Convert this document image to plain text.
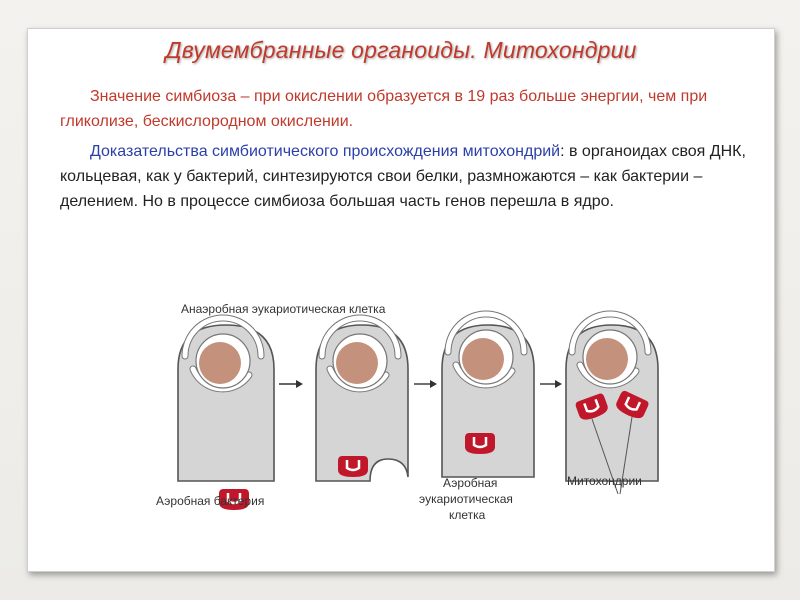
Двумембранные органоиды. Митохондрии

Значение симбиоза – при окислении образуется в 19 раз больше энергии, чем при гликолизе, бескислородном окислении.

Доказательства симбиотического происхождения митохондрий: в органоидах своя ДНК, кольцевая, как у бактерий, синтезируются свои белки, размножаются – как бактерии – делением. Но в процессе симбиоза большая часть генов перешла в ядро.

Анаэробная эукариотическая клетка
Аэробная бактерия
Аэробная
эукариотическая
клетка
Митохондрии
